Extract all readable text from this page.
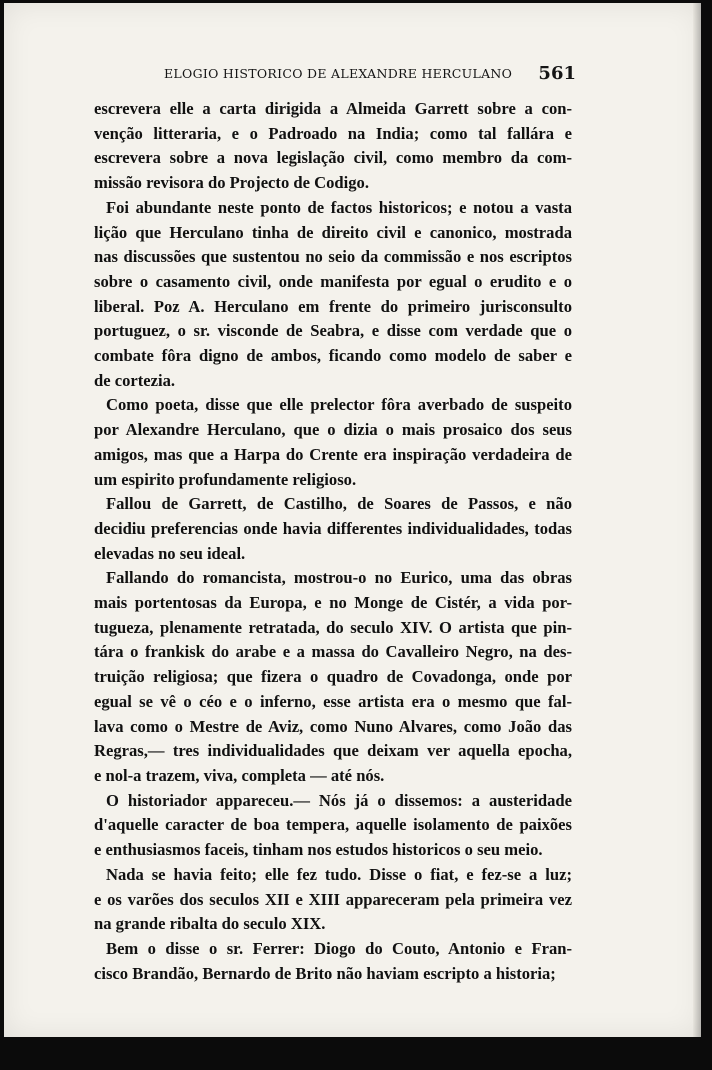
ELOGIO HISTORICO DE ALEXANDRE HERCULANO 561

escrevera elle a carta dirigida a Almeida Garrett sobre a con-
venção litteraria, e o Padroado na India; como tal fallára e
escrevera sobre a nova legislação civil, como membro da com-
missão revisora do Projecto de Codigo.

Foi abundante neste ponto de factos historicos; e notou a vasta
lição que Herculano tinha de direito civil e canonico, mostrada
nas discussões que sustentou no seio da commissão e nos escriptos
sobre o casamento civil, onde manifesta por egual o erudito e o
liberal. Poz A. Herculano em frente do primeiro jurisconsulto
portuguez, o sr. visconde de Seabra, e disse com verdade que o
combate fôra digno de ambos, ficando como modelo de saber e
de cortezia.

Como poeta, disse que elle prelector fôra averbado de suspeito
por Alexandre Herculano, que o dizia o mais prosaico dos seus
amigos, mas que a Harpa do Crente era inspiração verdadeira de
um espirito profundamente religioso.

Fallou de Garrett, de Castilho, de Soares de Passos, e não
decidiu preferencias onde havia differentes individualidades, todas
elevadas no seu ideal.

Fallando do romancista, mostrou-o no Eurico, uma das obras
mais portentosas da Europa, e no Monge de Cistér, a vida por-
tugueza, plenamente retratada, do seculo XIV. O artista que pin-
tára o frankisk do arabe e a massa do Cavalleiro Negro, na des-
truição religiosa; que fizera o quadro de Covadonga, onde por
egual se vê o céo e o inferno, esse artista era o mesmo que fal-
lava como o Mestre de Aviz, como Nuno Alvares, como João das
Regras,— tres individualidades que deixam ver aquella epocha,
e nol-a trazem, viva, completa — até nós.

O historiador appareceu.— Nós já o dissemos: a austeridade
d'aquelle caracter de boa tempera, aquelle isolamento de paixões
e enthusiasmos faceis, tinham nos estudos historicos o seu meio.

Nada se havia feito; elle fez tudo. Disse o fiat, e fez-se a luz;
e os varões dos seculos XII e XIII appareceram pela primeira vez
na grande ribalta do seculo XIX.

Bem o disse o sr. Ferrer: Diogo do Couto, Antonio e Fran-
cisco Brandão, Bernardo de Brito não haviam escripto a historia;
